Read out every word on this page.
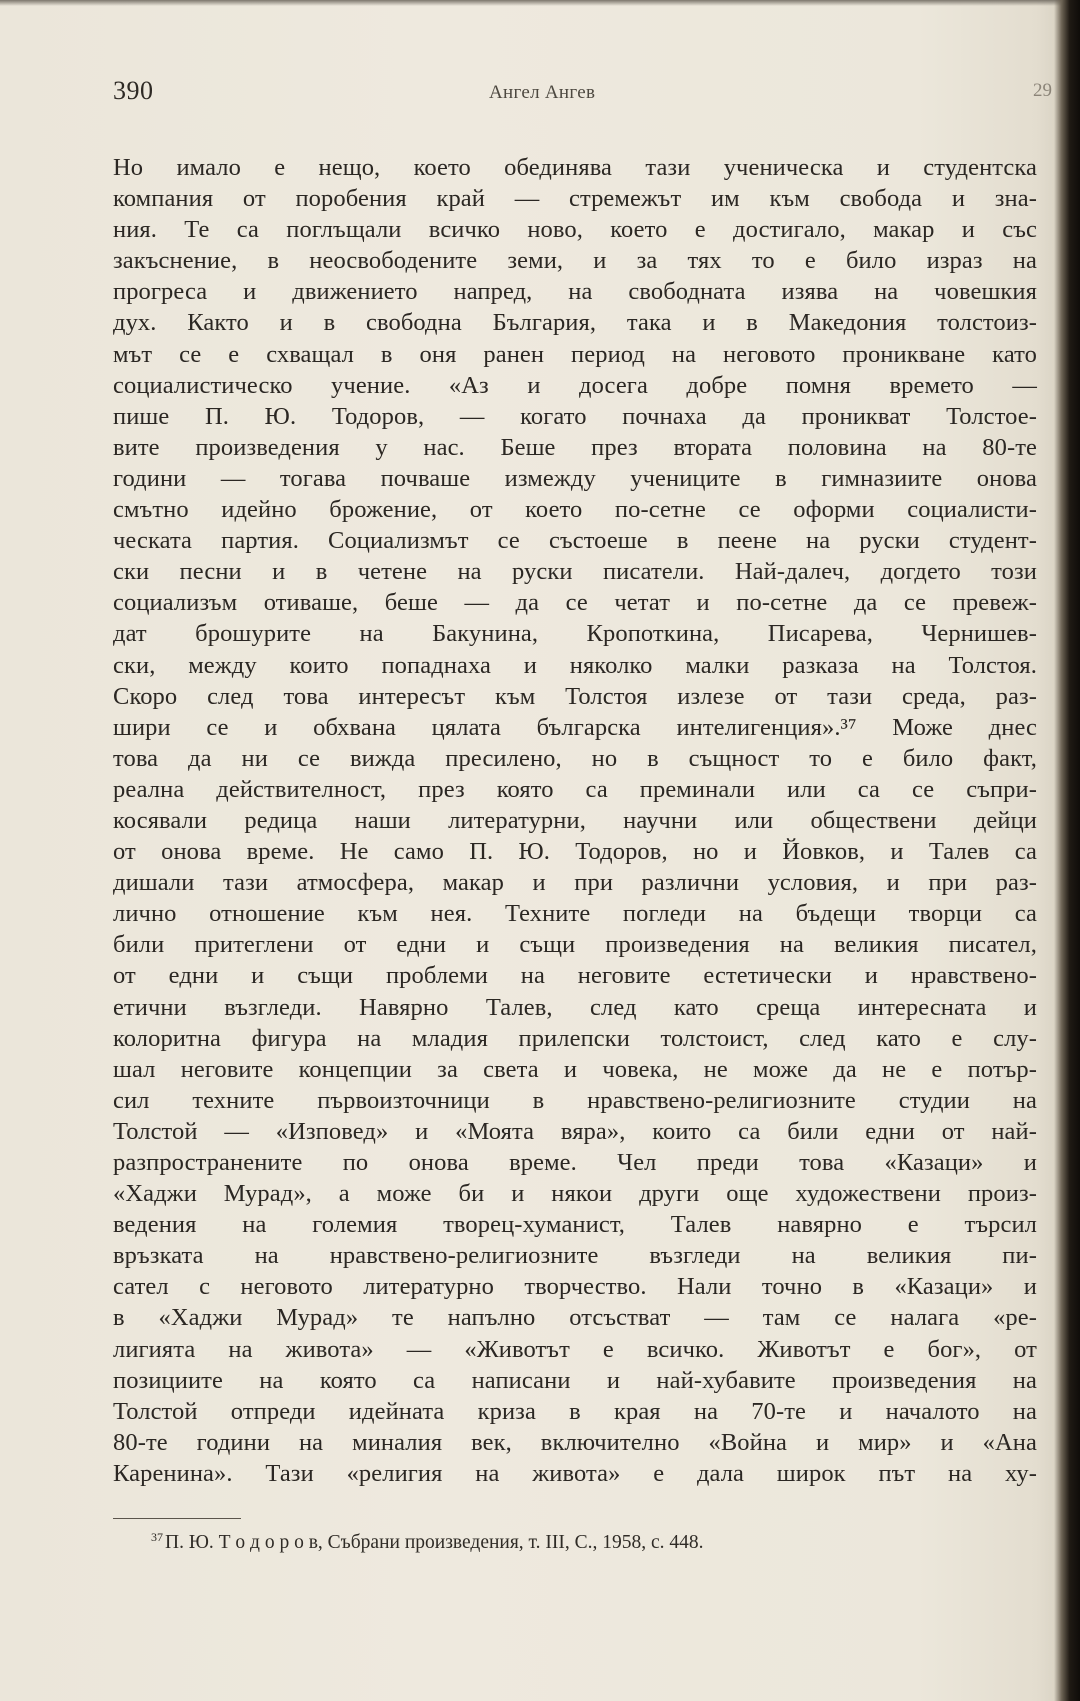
390	Ангел Ангев	29
Но имало е нещо, което обединява тази ученическа и студентска
компания от поробения край — стремежът им към свобода и зна-
ния. Те са поглъщали всичко ново, което е достигало, макар и със
закъснение, в неосвободените земи, и за тях то е било израз на
прогреса и движението напред, на свободната изява на човешкия
дух. Както и в свободна България, така и в Македония толстоиз-
мът се е схващал в оня ранен период на неговото проникване като
социалистическо учение. «Аз и досега добре помня времето —
пише П. Ю. Тодоров, — когато почнаха да проникват Толстое-
вите произведения у нас. Беше през втората половина на 80-те
години — тогава почваше измежду учениците в гимназиите онова
смътно идейно брожение, от което по-сетне се оформи социалисти-
ческата партия. Социализмът се състоеше в пеене на руски студент-
ски песни и в четене на руски писатели. Най-далеч, догдето този
социализъм отиваше, беше — да се четат и по-сетне да се превеж-
дат брошурите на Бакунина, Кропоткина, Писарева, Чернишев-
ски, между които попаднаха и няколко малки разказа на Толстоя.
Скоро след това интересът към Толстоя излезе от тази среда, раз-
шири се и обхвана цялата българска интелигенция».³⁷ Може днес
това да ни се вижда пресилено, но в същност то е било факт,
реална действителност, през която са преминали или са се съпри-
косявали редица наши литературни, научни или обществени дейци
от онова време. Не само П. Ю. Тодоров, но и Йовков, и Талев са
дишали тази атмосфера, макар и при различни условия, и при раз-
лично отношение към нея. Техните погледи на бъдещи творци са
били притеглени от едни и същи произведения на великия писател,
от едни и същи проблеми на неговите естетически и нравствено-
етични възгледи. Навярно Талев, след като среща интересната и
колоритна фигура на младия прилепски толстоист, след като е слу-
шал неговите концепции за света и човека, не може да не е потър-
сил техните първоизточници в нравствено-религиозните студии на
Толстой — «Изповед» и «Моята вяра», които са били едни от най-
разпространените по онова време. Чел преди това «Казаци» и
«Хаджи Мурад», а може би и някои други още художествени произ-
ведения на големия творец-хуманист, Талев навярно е търсил
връзката на нравствено-религиозните възгледи на великия пи-
сател с неговото литературно творчество. Нали точно в «Казаци» и
в «Хаджи Мурад» те напълно отсъстват — там се налага «ре-
лигията на живота» — «Животът е всичко. Животът е бог», от
позициите на която са написани и най-хубавите произведения на
Толстой отпреди идейната криза в края на 70-те и началото на
80-те години на миналия век, включително «Война и мир» и «Ана
Каренина». Тази «религия на живота» е дала широк път на ху-
$^{37}$ П. Ю. Т о д о р о в, Събрани произведения, т. III, С., 1958, с. 448.
